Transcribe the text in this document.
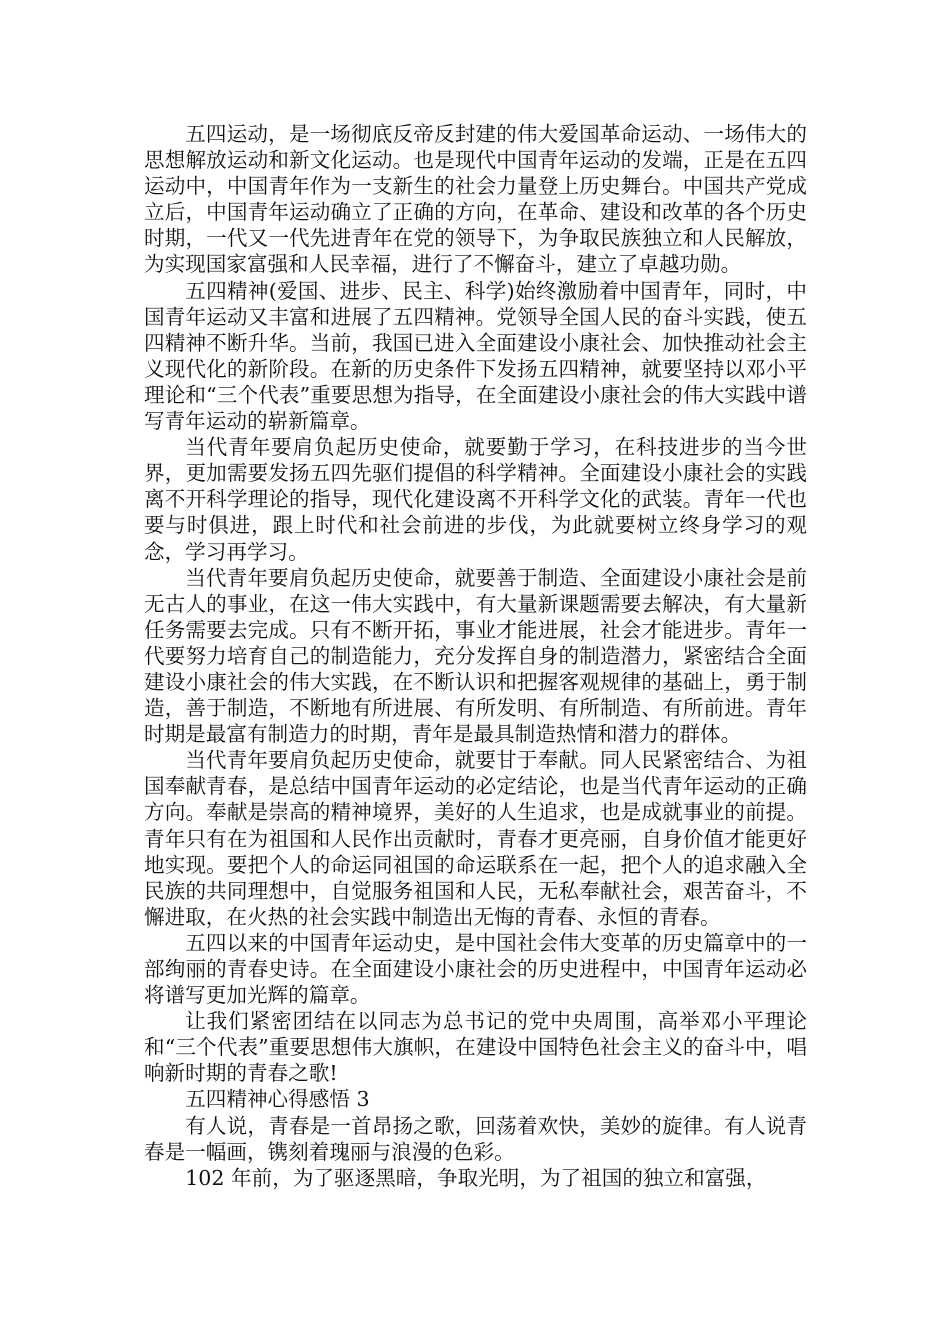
五四运动，是一场彻底反帝反封建的伟大爱国革命运动、一场伟大的思想解放运动和新文化运动。也是现代中国青年运动的发端，正是在五四运动中，中国青年作为一支新生的社会力量登上历史舞台。中国共产党成立后，中国青年运动确立了正确的方向，在革命、建设和改革的各个历史时期，一代又一代先进青年在党的领导下，为争取民族独立和人民解放，为实现国家富强和人民幸福，进行了不懈奋斗，建立了卓越功勋。

五四精神(爱国、进步、民主、科学)始终激励着中国青年，同时，中国青年运动又丰富和进展了五四精神。党领导全国人民的奋斗实践，使五四精神不断升华。当前，我国已进入全面建设小康社会、加快推动社会主义现代化的新阶段。在新的历史条件下发扬五四精神，就要坚持以邓小平理论和“三个代表”重要思想为指导，在全面建设小康社会的伟大实践中谱写青年运动的崭新篇章。

当代青年要肩负起历史使命，就要勤于学习，在科技进步的当今世界，更加需要发扬五四先驱们提倡的科学精神。全面建设小康社会的实践离不开科学理论的指导，现代化建设离不开科学文化的武装。青年一代也要与时俱进，跟上时代和社会前进的步伐，为此就要树立终身学习的观念，学习再学习。

当代青年要肩负起历史使命，就要善于制造、全面建设小康社会是前无古人的事业，在这一伟大实践中，有大量新课题需要去解决，有大量新任务需要去完成。只有不断开拓，事业才能进展，社会才能进步。青年一代要努力培育自己的制造能力，充分发挥自身的制造潜力，紧密结合全面建设小康社会的伟大实践，在不断认识和把握客观规律的基础上，勇于制造，善于制造，不断地有所进展、有所发明、有所制造、有所前进。青年时期是最富有制造力的时期，青年是最具制造热情和潜力的群体。

当代青年要肩负起历史使命，就要甘于奉献。同人民紧密结合、为祖国奉献青春，是总结中国青年运动的必定结论，也是当代青年运动的正确方向。奉献是崇高的精神境界，美好的人生追求，也是成就事业的前提。青年只有在为祖国和人民作出贡献时，青春才更亮丽，自身价值才能更好地实现。要把个人的命运同祖国的命运联系在一起，把个人的追求融入全民族的共同理想中，自觉服务祖国和人民，无私奉献社会，艰苦奋斗，不懈进取，在火热的社会实践中制造出无悔的青春、永恒的青春。

五四以来的中国青年运动史，是中国社会伟大变革的历史篇章中的一部绚丽的青春史诗。在全面建设小康社会的历史进程中，中国青年运动必将谱写更加光辉的篇章。

让我们紧密团结在以同志为总书记的党中央周围，高举邓小平理论和“三个代表”重要思想伟大旗帜，在建设中国特色社会主义的奋斗中，唱响新时期的青春之歌!

五四精神心得感悟 3

有人说，青春是一首昂扬之歌，回荡着欢快，美妙的旋律。有人说青春是一幅画，镌刻着瑰丽与浪漫的色彩。

102 年前，为了驱逐黑暗，争取光明，为了祖国的独立和富强，
